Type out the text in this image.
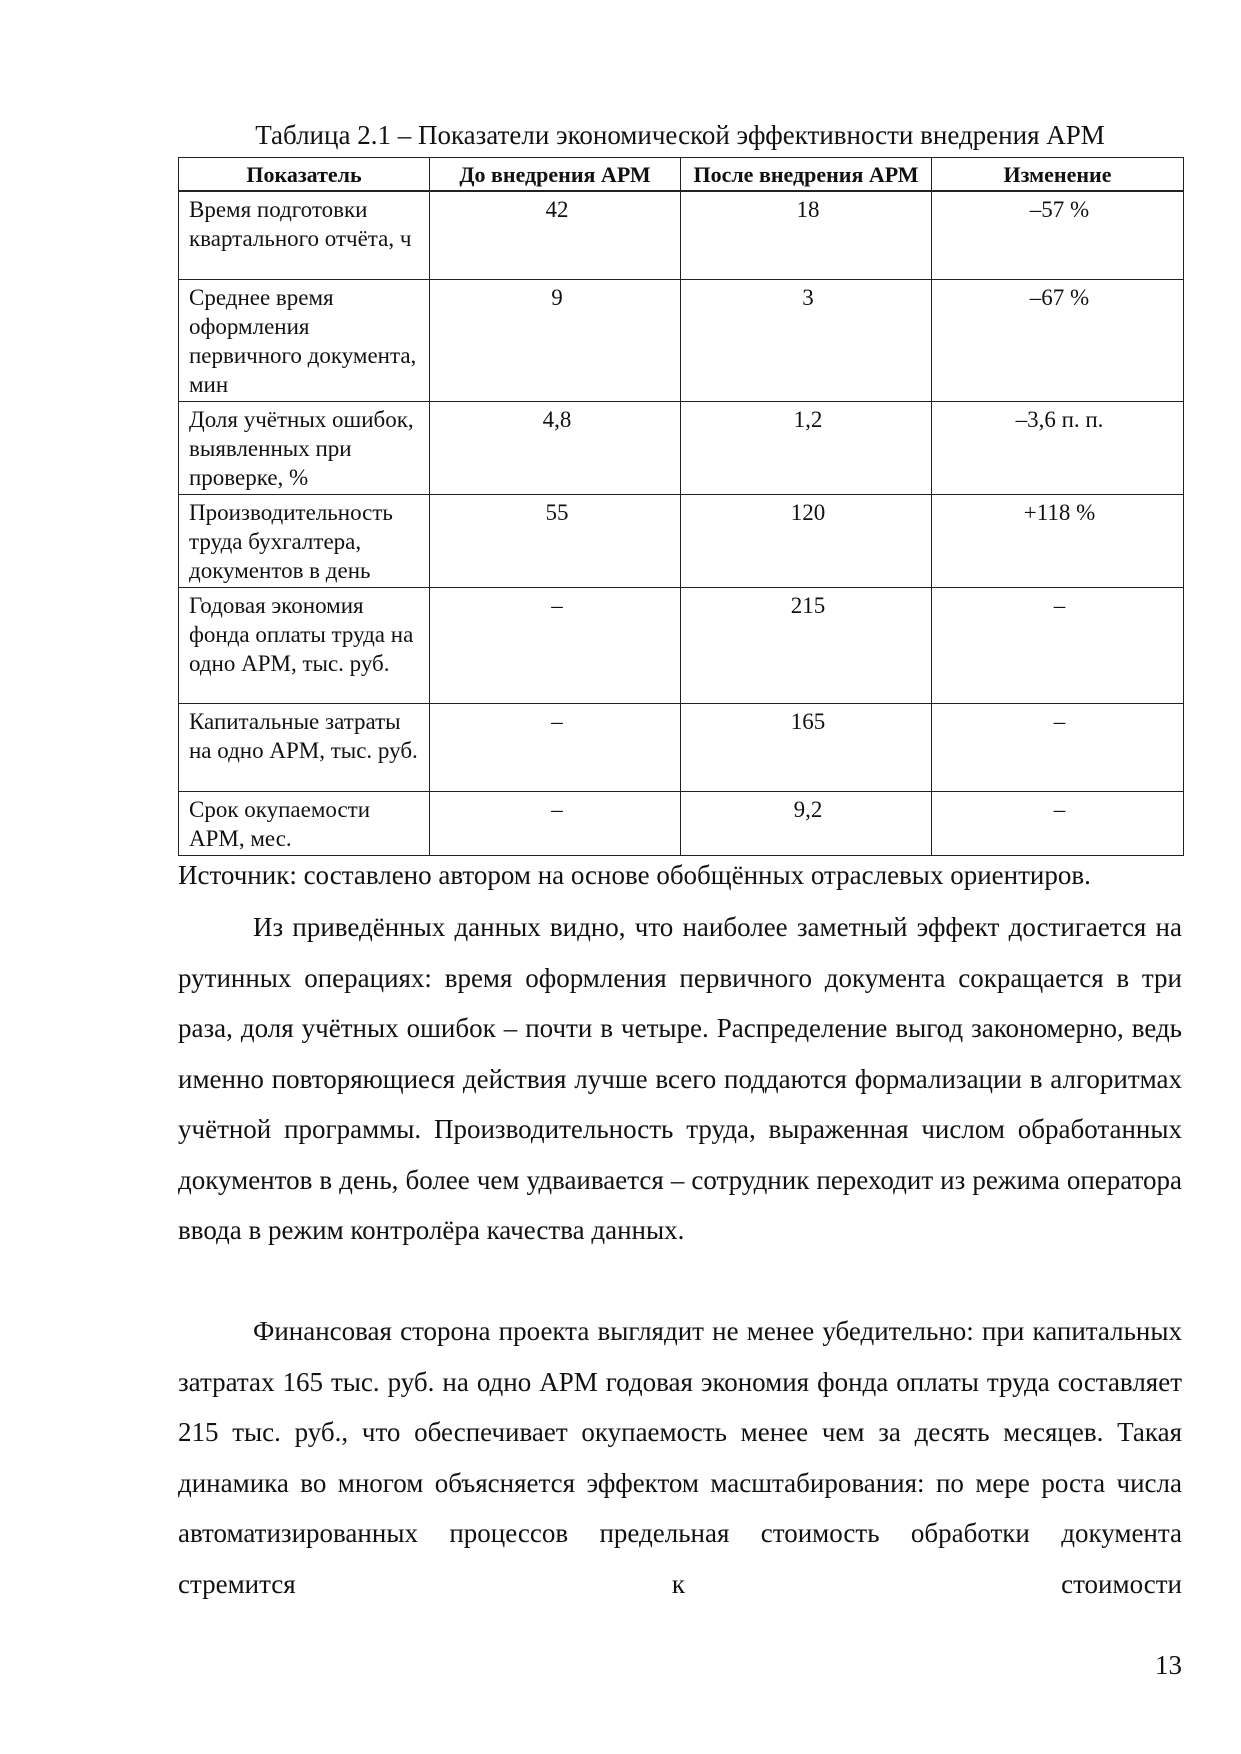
Таблица 2.1 – Показатели экономической эффективности внедрения АРМ
Показатель	До внедрения АРМ	После внедрения АРМ	Изменение
Время подготовки квартального отчёта, ч	42	18	–57 %
Среднее время оформления первичного документа, мин	9	3	–67 %
Доля учётных ошибок, выявленных при проверке, %	4,8	1,2	–3,6 п. п.
Производительность труда бухгалтера, документов в день	55	120	+118 %
Годовая экономия фонда оплаты труда на одно АРМ, тыс. руб.	–	215	–
Капитальные затраты на одно АРМ, тыс. руб.	–	165	–
Срок окупаемости АРМ, мес.	–	9,2	–
Источник: составлено автором на основе обобщённых отраслевых ориентиров.

Из приведённых данных видно, что наиболее заметный эффект достигается на рутинных операциях: время оформления первичного документа сокращается в три раза, доля учётных ошибок – почти в четыре. Распределение выгод закономерно, ведь именно повторяющиеся действия лучше всего поддаются формализации в алгоритмах учётной программы. Производительность труда, выраженная числом обработанных документов в день, более чем удваивается – сотрудник переходит из режима оператора ввода в режим контролёра качества данных.

Финансовая сторона проекта выглядит не менее убедительно: при капитальных затратах 165 тыс. руб. на одно АРМ годовая экономия фонда оплаты труда составляет 215 тыс. руб., что обеспечивает окупаемость менее чем за десять месяцев. Такая динамика во многом объясняется эффектом масштабирования: по мере роста числа автоматизированных процессов предельная стоимость обработки документа стремится к стоимости

13
